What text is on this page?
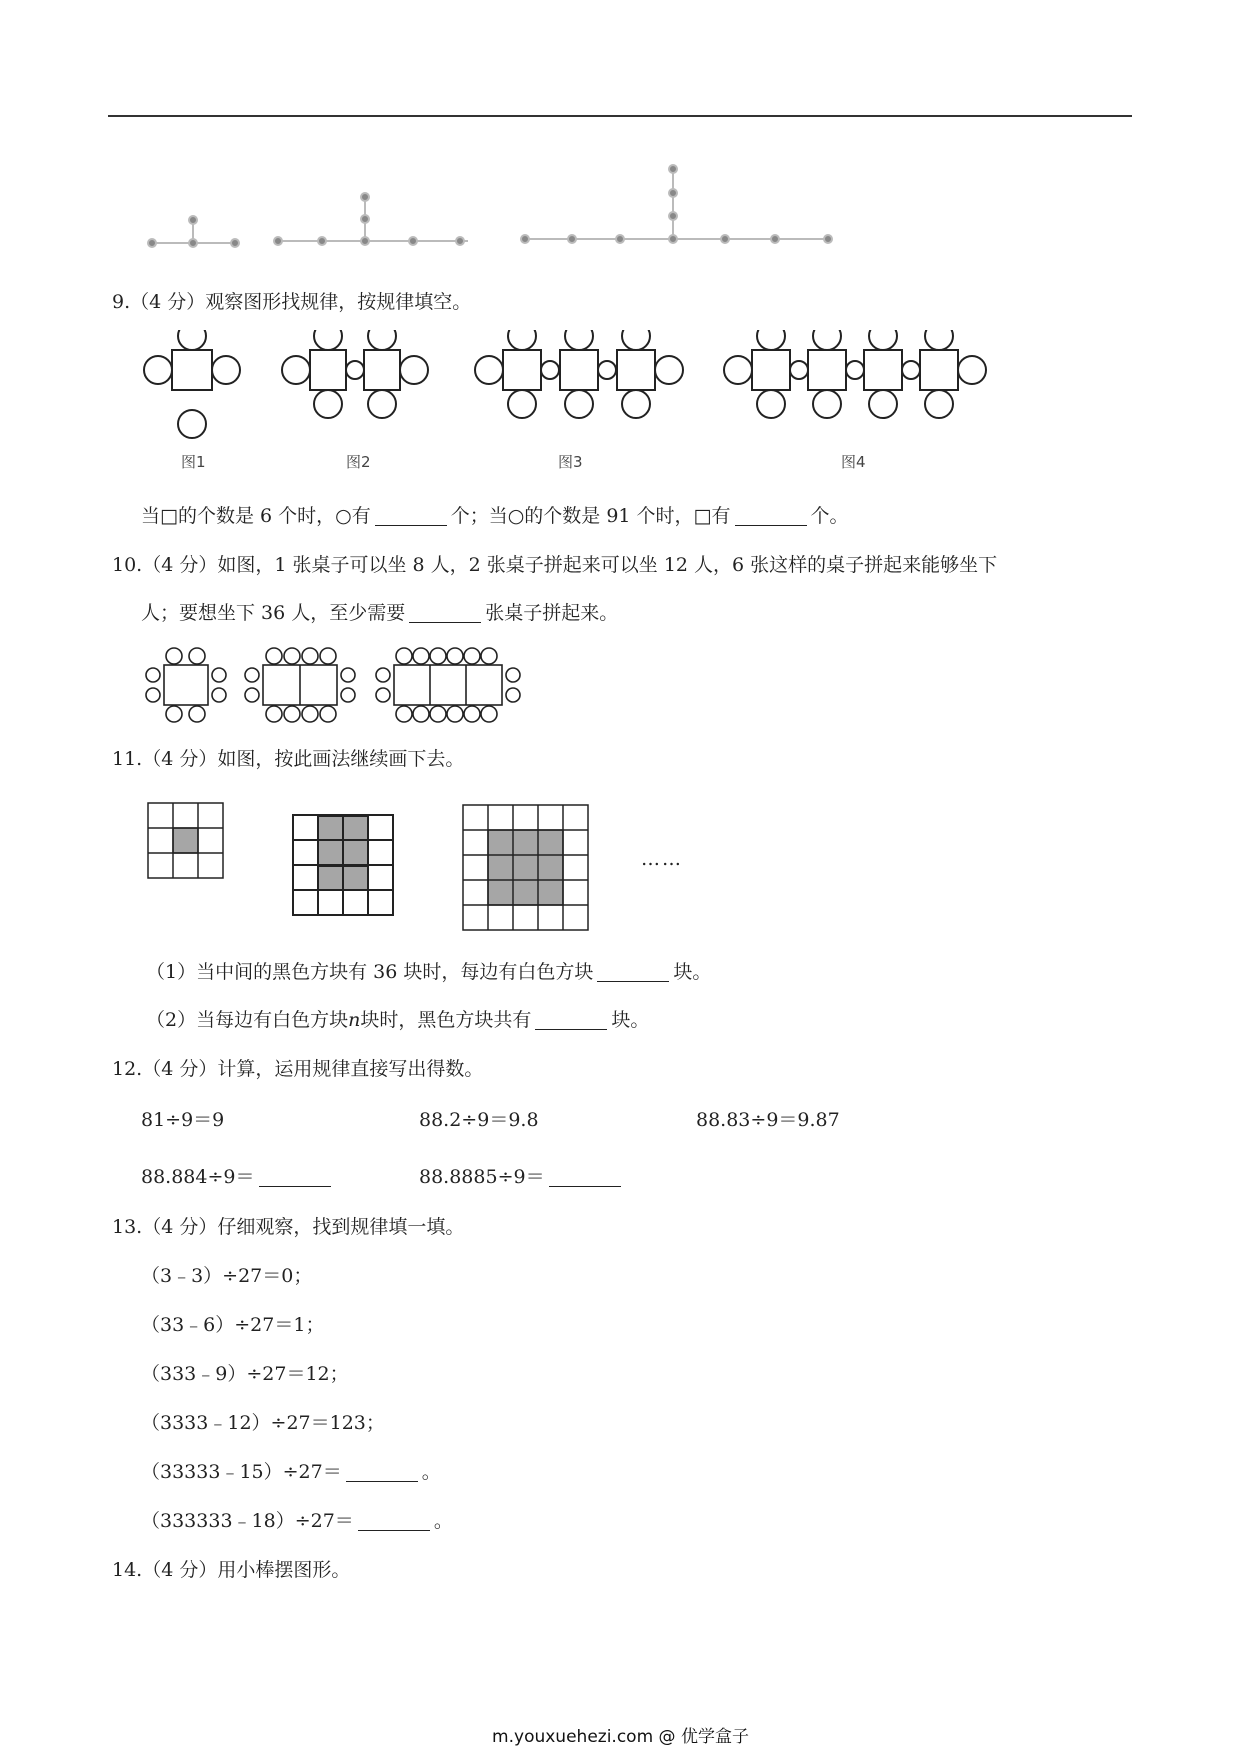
9.（4 分）观察图形找规律，按规律填空。
图1	图2	图3	图4
当□的个数是 6 个时，○有	个；当○的个数是 91 个时，□有	个。
10.（4 分）如图，1 张桌子可以坐 8 人，2 张桌子拼起来可以坐 12 人，6 张这样的桌子拼起来能够坐下
人；要想坐下 36 人，至少需要	张桌子拼起来。
11.（4 分）如图，按此画法继续画下去。
……
（1）当中间的黑色方块有 36 块时，每边有白色方块	块。
（2）当每边有白色方块n块时，黑色方块共有	块。
12.（4 分）计算，运用规律直接写出得数。
81÷9＝9	88.2÷9＝9.8	88.83÷9＝9.87
88.884÷9＝	88.8885÷9＝
13.（4 分）仔细观察，找到规律填一填。
（3﹣3）÷27＝0；
（33﹣6）÷27＝1；
（333﹣9）÷27＝12；
（3333﹣12）÷27＝123；
（33333﹣15）÷27＝	。
（333333﹣18）÷27＝	。
14.（4 分）用小棒摆图形。
m.youxuehezi.com @ 优学盒子
